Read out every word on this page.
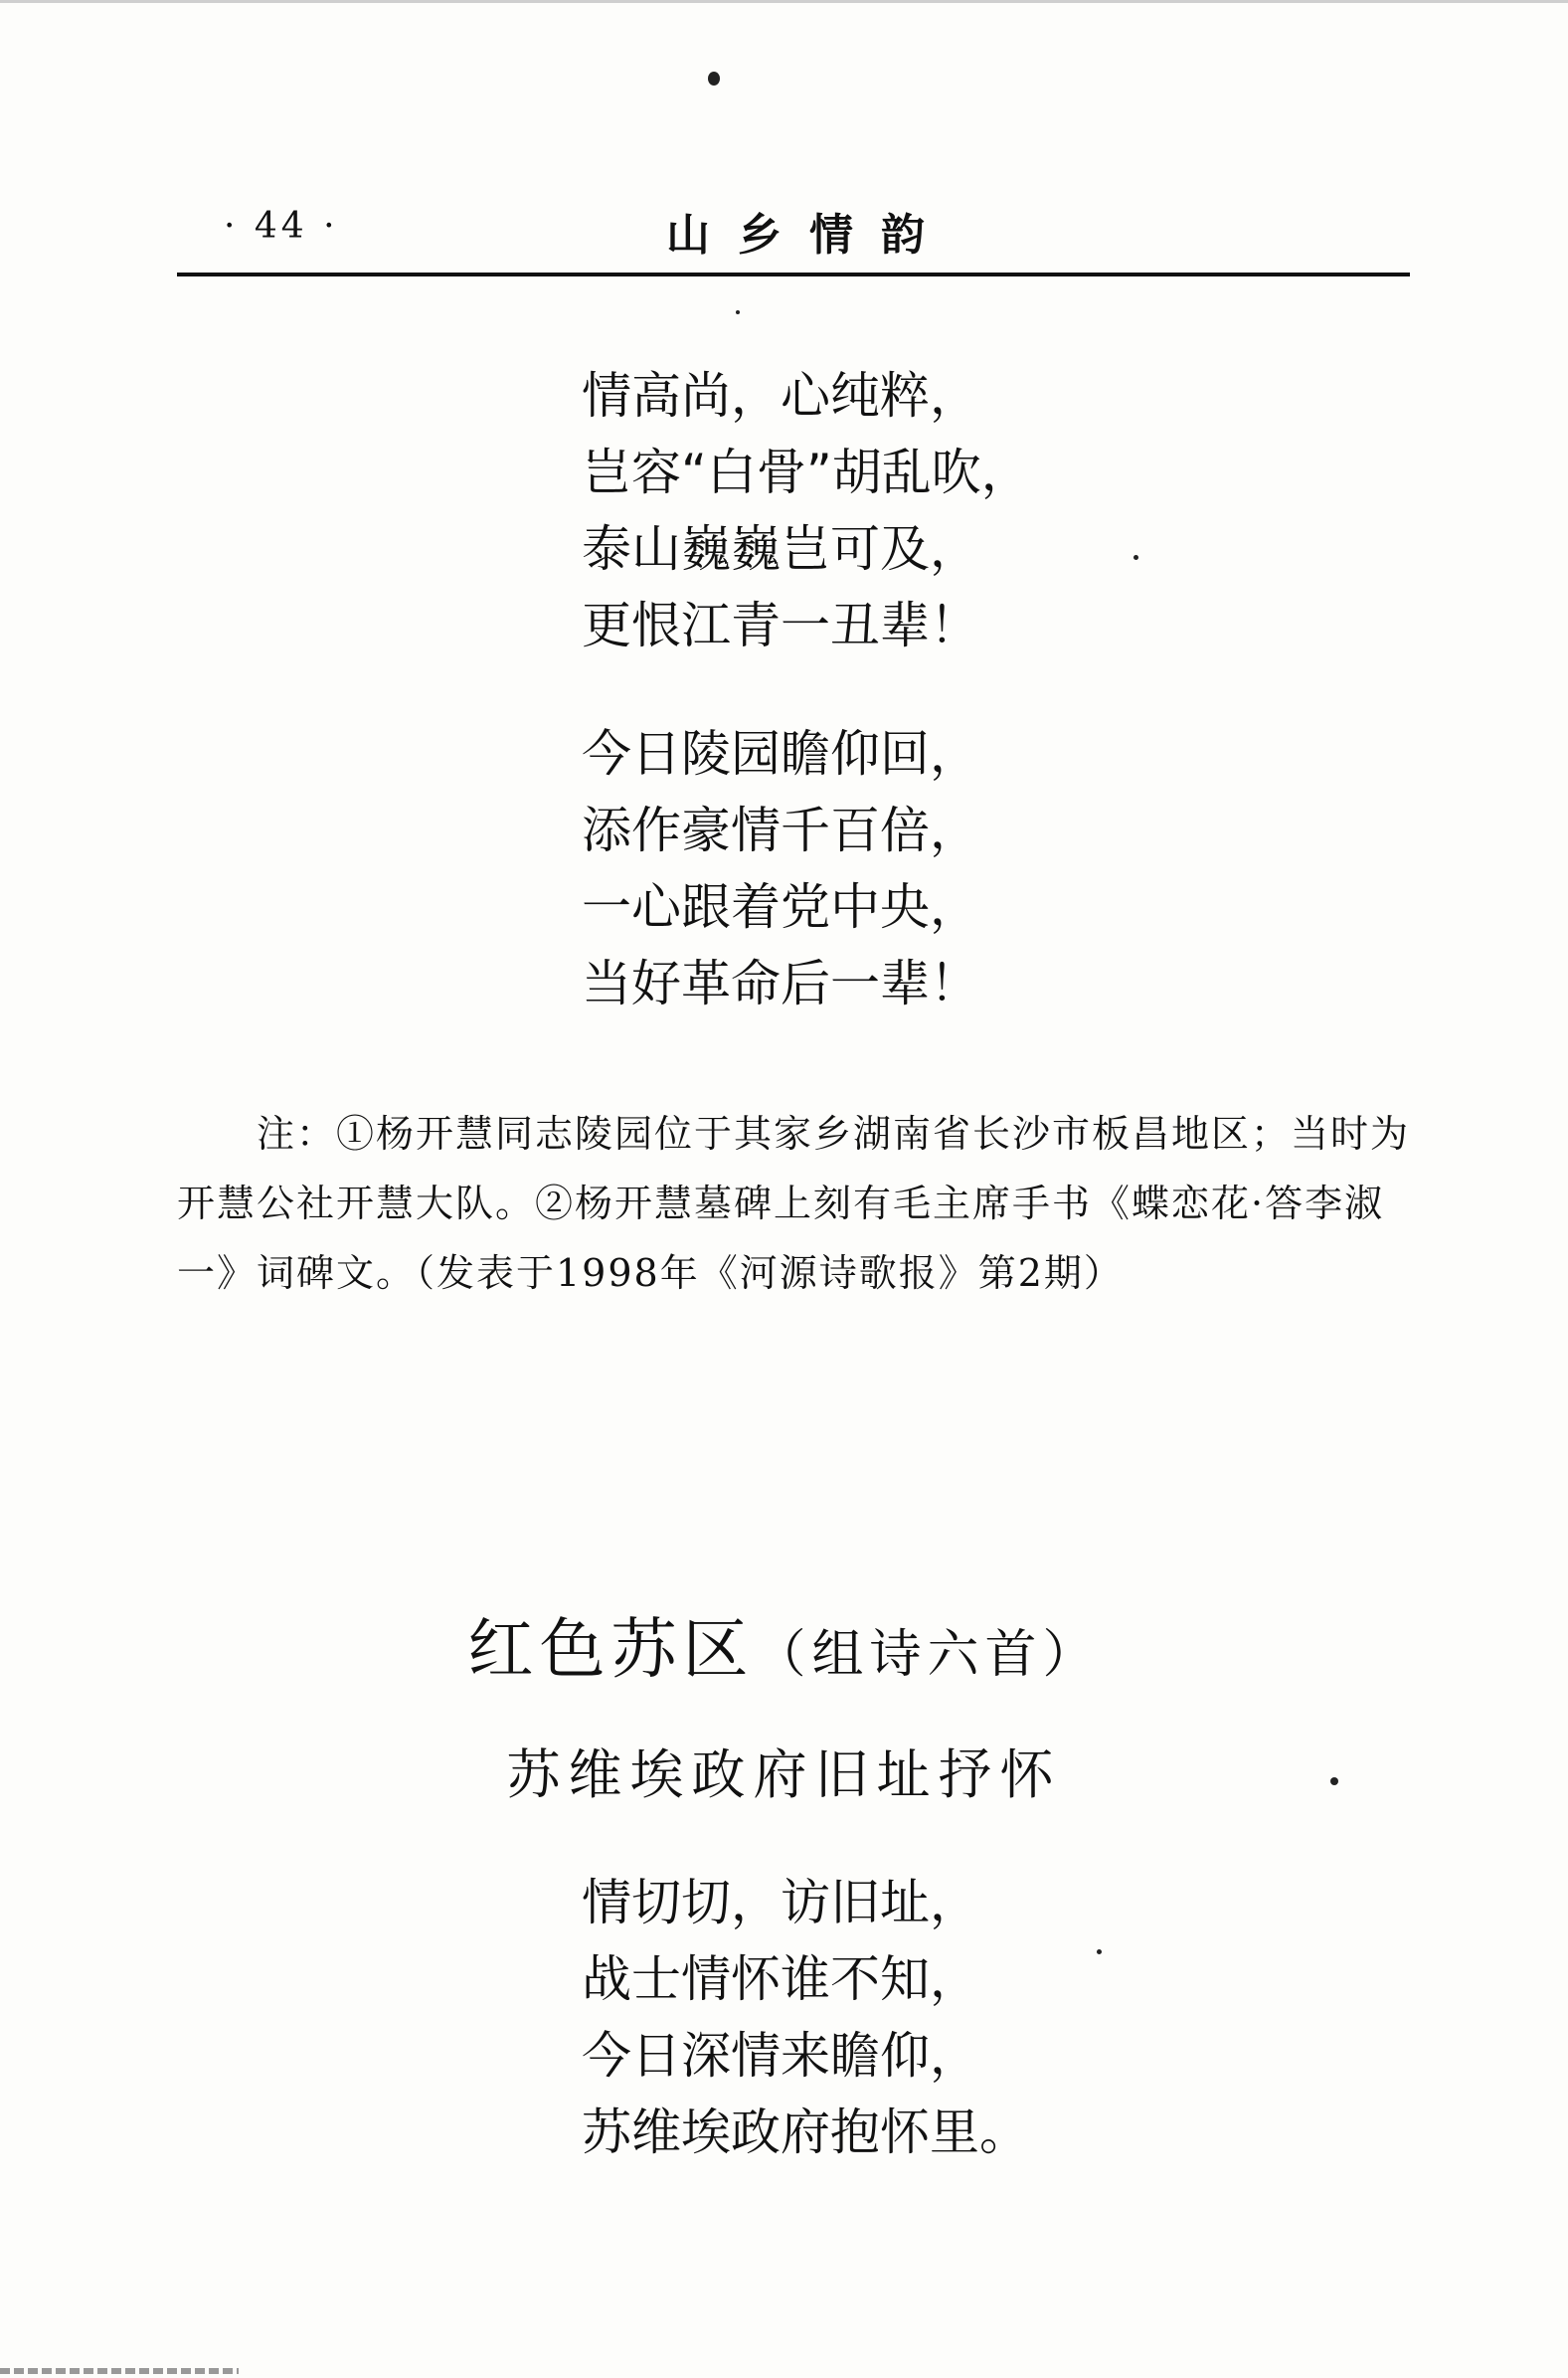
· 44 ·	山乡情韵
情高尚，心纯粹，
岂容“白骨”胡乱吹，
泰山巍巍岂可及，
更恨江青一丑辈！
今日陵园瞻仰回，
添作豪情千百倍，
一心跟着党中央，
当好革命后一辈！

注：①杨开慧同志陵园位于其家乡湖南省长沙市板昌地区；当时为开慧公社开慧大队。②杨开慧墓碑上刻有毛主席手书《蝶恋花·答李淑一》词碑文。（发表于1998年《河源诗歌报》第2期）

红色苏区（组诗六首）
苏维埃政府旧址抒怀
情切切，访旧址，
战士情怀谁不知，
今日深情来瞻仰，
苏维埃政府抱怀里。
